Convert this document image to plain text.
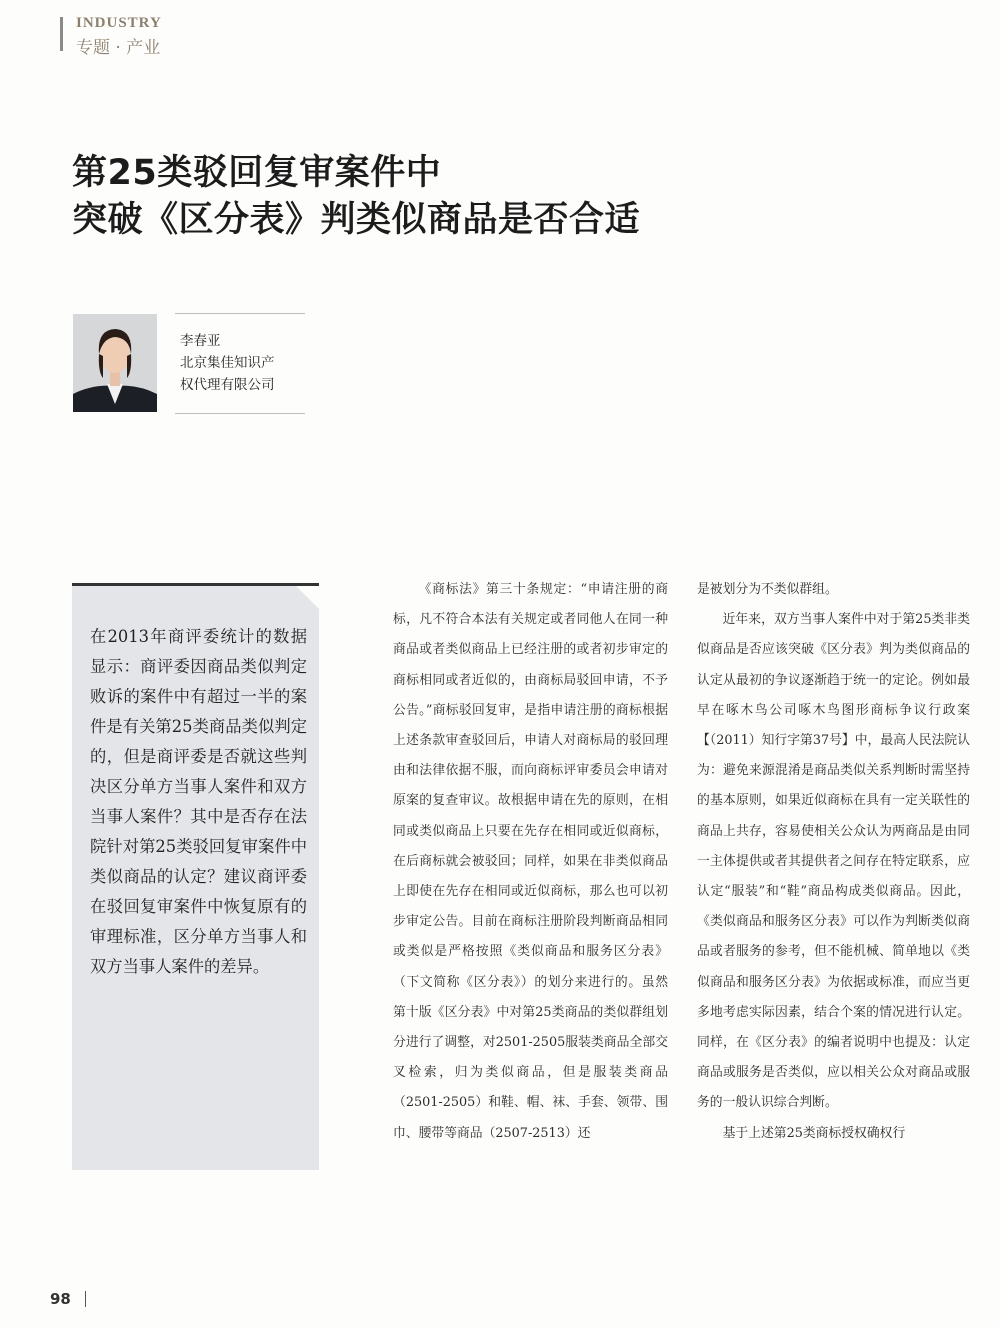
INDUSTRY
专题 · 产业
第25类驳回复审案件中
突破《区分表》判类似商品是否合适
李春亚
北京集佳知识产
权代理有限公司
在2013年商评委统计的数据显示：商评委因商品类似判定败诉的案件中有超过一半的案件是有关第25类商品类似判定的，但是商评委是否就这些判决区分单方当事人案件和双方当事人案件？其中是否存在法院针对第25类驳回复审案件中类似商品的认定？建议商评委在驳回复审案件中恢复原有的审理标准，区分单方当事人和双方当事人案件的差异。

《商标法》第三十条规定：“申请注册的商标，凡不符合本法有关规定或者同他人在同一种商品或者类似商品上已经注册的或者初步审定的商标相同或者近似的，由商标局驳回申请，不予公告。”商标驳回复审，是指申请注册的商标根据上述条款审查驳回后，申请人对商标局的驳回理由和法律依据不服，而向商标评审委员会申请对原案的复查审议。故根据申请在先的原则，在相同或类似商品上只要在先存在相同或近似商标，在后商标就会被驳回；同样，如果在非类似商品上即使在先存在相同或近似商标，那么也可以初步审定公告。目前在商标注册阶段判断商品相同或类似是严格按照《类似商品和服务区分表》（下文简称《区分表》）的划分来进行的。虽然第十版《区分表》中对第25类商品的类似群组划分进行了调整，对2501-2505服装类商品全部交叉检索，归为类似商品，但是服装类商品（2501-2505）和鞋、帽、袜、手套、领带、围巾、腰带等商品（2507-2513）还

是被划分为不类似群组。

近年来，双方当事人案件中对于第25类非类似商品是否应该突破《区分表》判为类似商品的认定从最初的争议逐渐趋于统一的定论。例如最早在啄木鸟公司啄木鸟图形商标争议行政案【（2011）知行字第37号】中，最高人民法院认为：避免来源混淆是商品类似关系判断时需坚持的基本原则，如果近似商标在具有一定关联性的商品上共存，容易使相关公众认为两商品是由同一主体提供或者其提供者之间存在特定联系，应认定“服装”和“鞋”商品构成类似商品。因此，《类似商品和服务区分表》可以作为判断类似商品或者服务的参考，但不能机械、简单地以《类似商品和服务区分表》为依据或标准，而应当更多地考虑实际因素，结合个案的情况进行认定。同样，在《区分表》的编者说明中也提及：认定商品或服务是否类似，应以相关公众对商品或服务的一般认识综合判断。

基于上述第25类商标授权确权行

98
